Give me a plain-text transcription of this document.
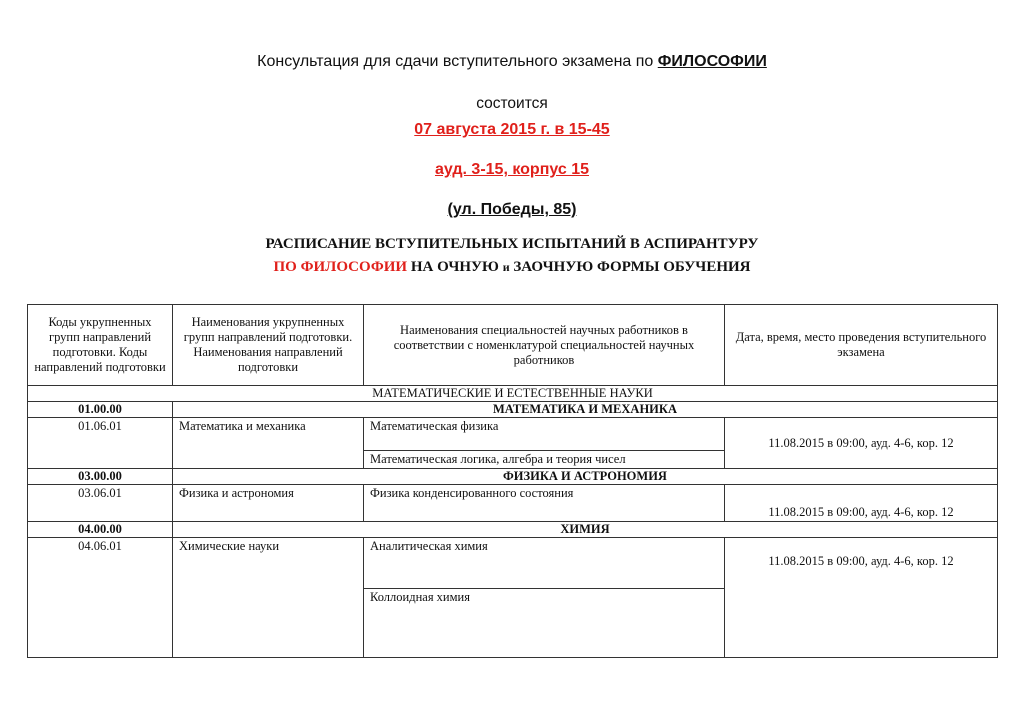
Консультация для сдачи вступительного экзамена по ФИЛОСОФИИ
состоится
07 августа 2015 г. в 15-45
ауд. 3-15, корпус 15
(ул. Победы, 85)
РАСПИСАНИЕ ВСТУПИТЕЛЬНЫХ ИСПЫТАНИЙ В АСПИРАНТУРУ
ПО ФИЛОСОФИИ НА ОЧНУЮ и ЗАОЧНУЮ ФОРМЫ ОБУЧЕНИЯ
Коды укрупненных групп направлений подготовки. Коды направлений подготовки	Наименования укрупненных групп направлений подготовки. Наименования направлений подготовки	Наименования специальностей научных работников в соответствии с номенклатурой специальностей научных работников	Дата, время, место проведения вступительного экзамена
МАТЕМАТИЧЕСКИЕ И ЕСТЕСТВЕННЫЕ НАУКИ			
01.00.00	МАТЕМАТИКА И МЕХАНИКА		
01.06.01	Математика и механика	Математическая физика	11.08.2015 в 09:00, ауд. 4-6, кор. 12
		Математическая логика, алгебра и теория чисел	
03.00.00	ФИЗИКА И АСТРОНОМИЯ		
03.06.01	Физика и астрономия	Физика конденсированного состояния	11.08.2015 в 09:00, ауд. 4-6, кор. 12
04.00.00	ХИМИЯ		
04.06.01	Химические науки	Аналитическая химия	11.08.2015 в 09:00, ауд. 4-6, кор. 12
		Коллоидная химия	
